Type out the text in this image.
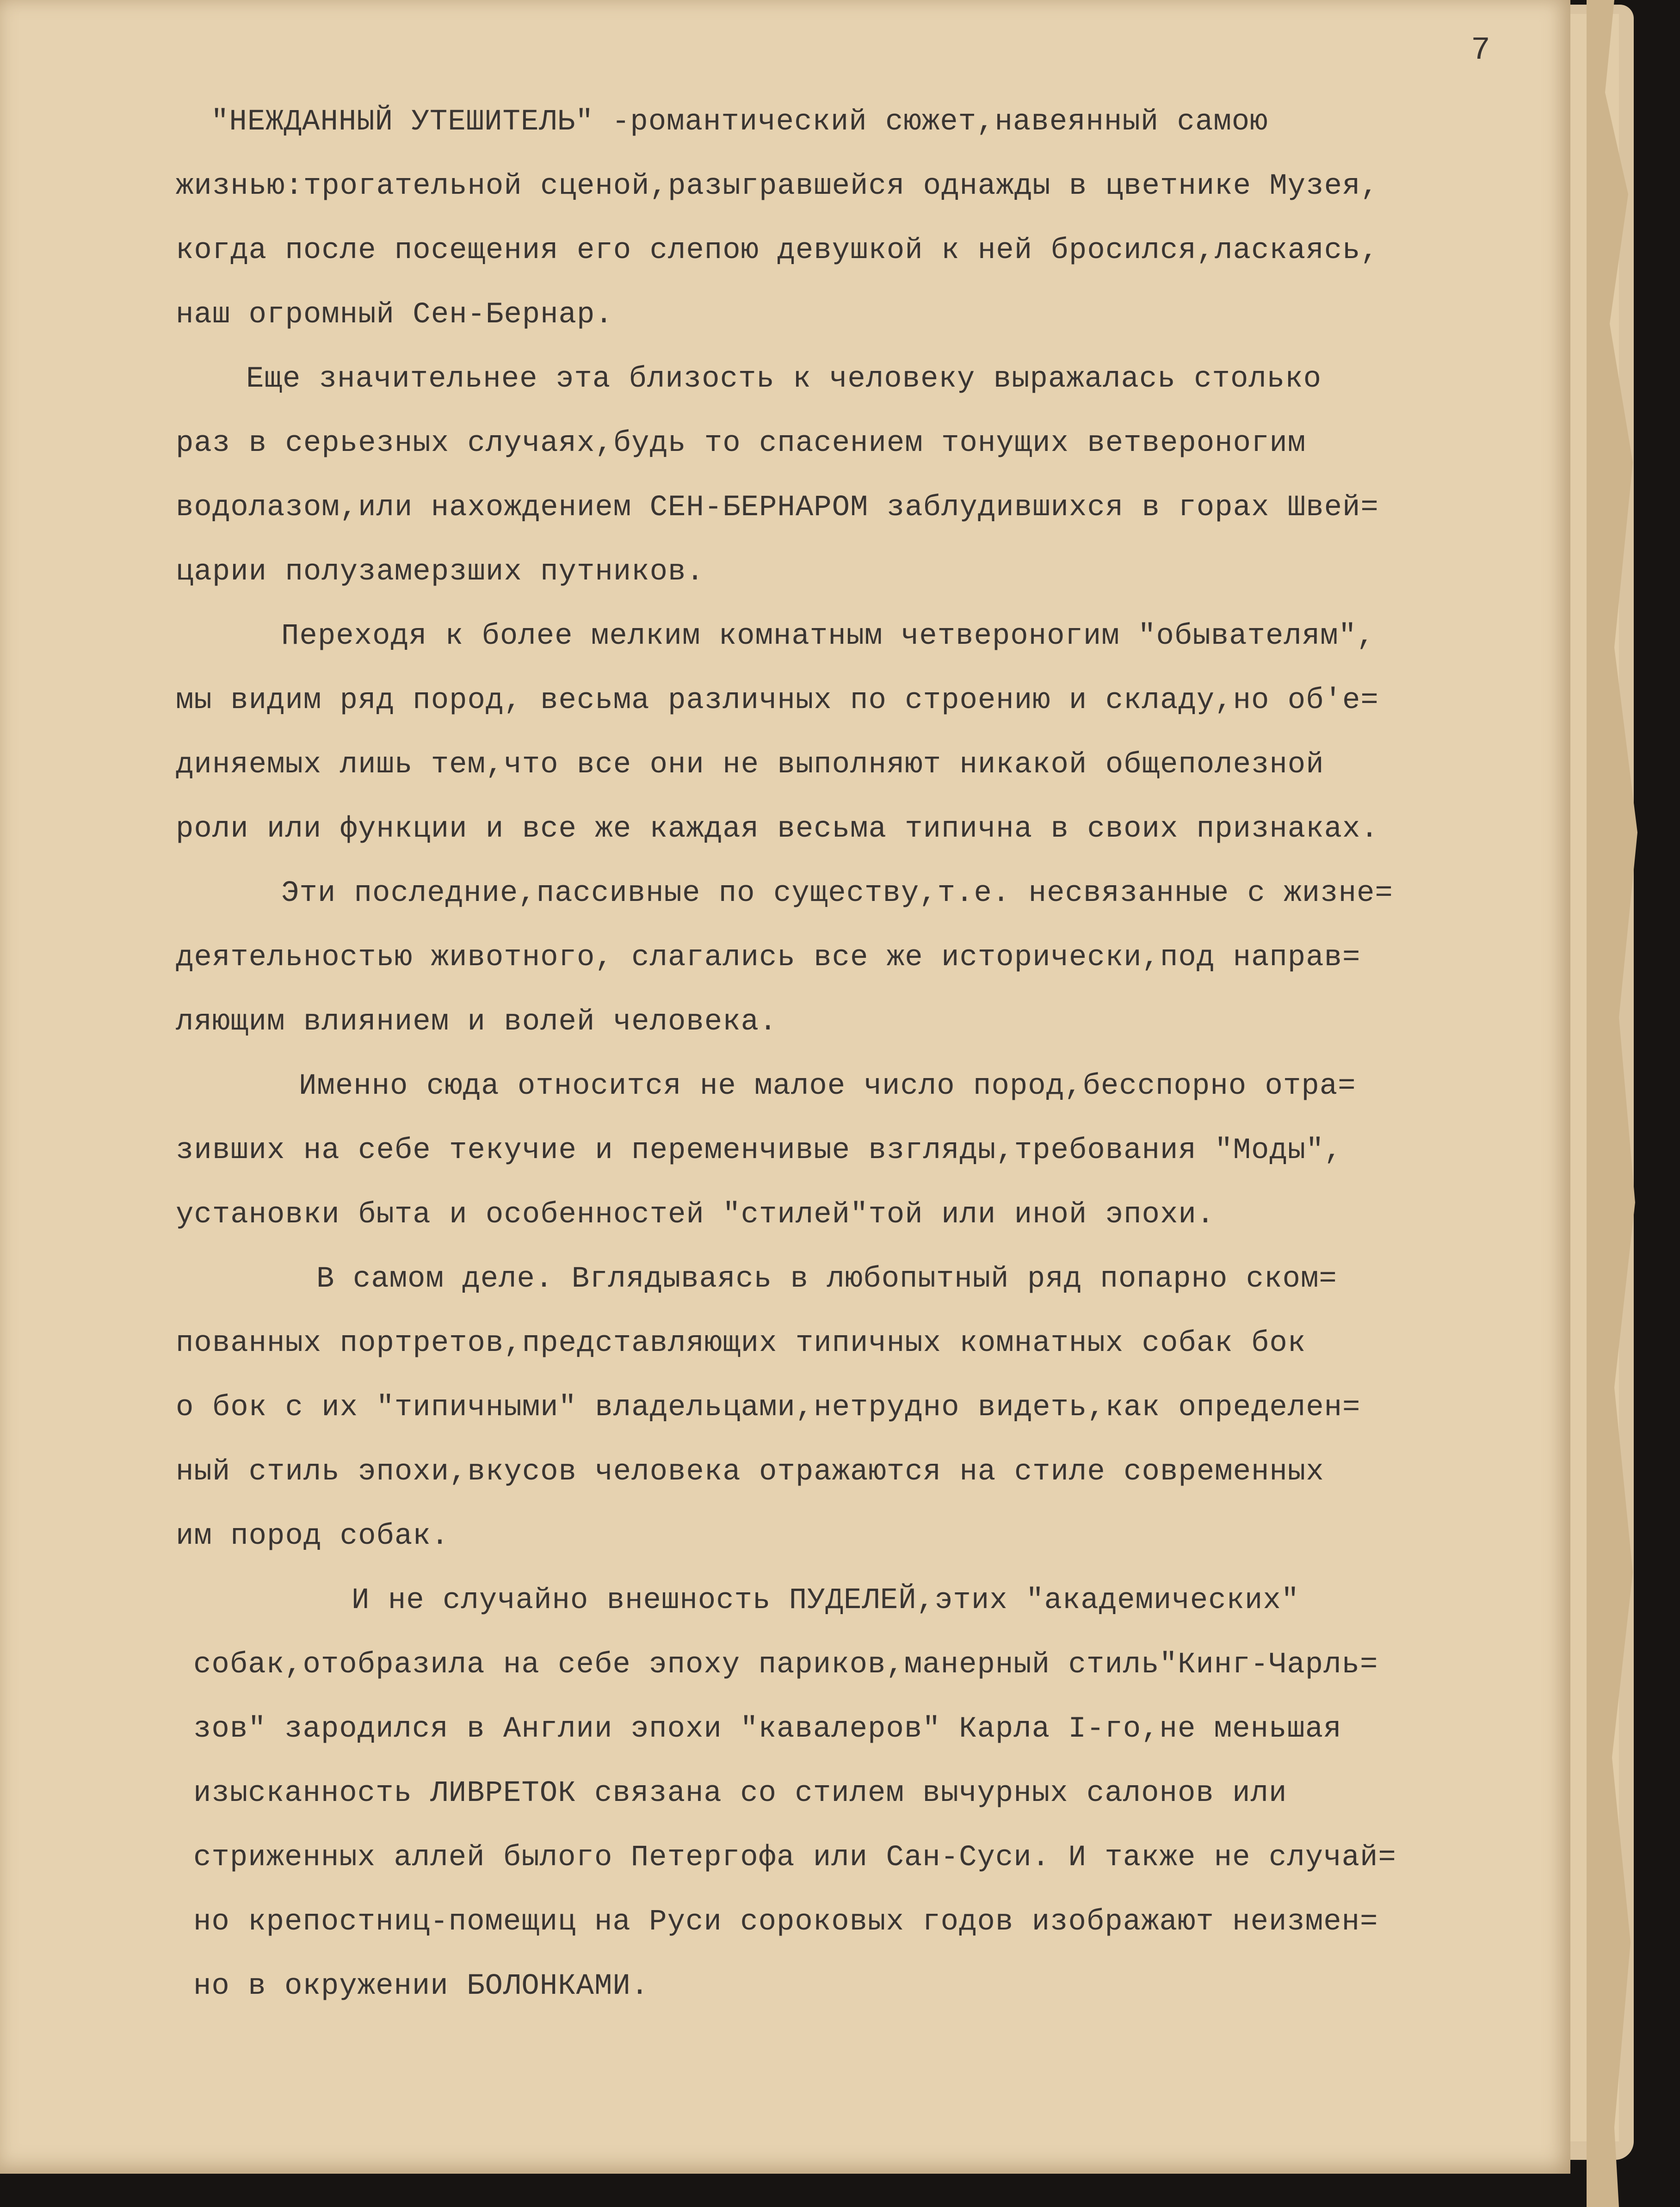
7
"НЕЖДАННЫЙ УТЕШИТЕЛЬ" -романтический сюжет,навеянный самою
жизнью:трогательной сценой,разыгравшейся однажды в цветнике Музея,
когда после посещения его слепою девушкой к ней бросился,ласкаясь,
наш огромный Сен-Бернар.
Еще значительнее эта близость к человеку выражалась столько
раз в серьезных случаях,будь то спасением тонущих ветвероногим
водолазом,или нахождением СЕН-БЕРНАРОМ заблудившихся в горах Швей=
царии полузамерзших путников.
Переходя к более мелким комнатным четвероногим "обывателям",
мы видим ряд пород, весьма различных по строению и складу,но об'е=
диняемых лишь тем,что все они не выполняют никакой общеполезной
роли или функции и все же каждая весьма типична в своих признаках.
Эти последние,пассивные по существу,т.е. несвязанные с жизне=
деятельностью животного, слагались все же исторически,под направ=
ляющим влиянием и волей человека.
Именно сюда относится не малое число пород,бесспорно отра=
зивших на себе текучие и переменчивые взгляды,требования "Моды",
установки быта и особенностей "стилей"той или иной эпохи.
В самом деле. Вглядываясь в любопытный ряд попарно ском=
пованных портретов,представляющих типичных комнатных собак бок
о бок с их "типичными" владельцами,нетрудно видеть,как определен=
ный стиль эпохи,вкусов человека отражаются на стиле современных
им пород собак.
И не случайно внешность ПУДЕЛЕЙ,этих "академических"
собак,отобразила на себе эпоху париков,манерный стиль"Кинг-Чарль=
зов" зародился в Англии эпохи "кавалеров" Карла I-го,не меньшая
изысканность ЛИВРЕТОК связана со стилем вычурных салонов или
стриженных аллей былого Петергофа или Сан-Суси. И также не случай=
но крепостниц-помещиц на Руси сороковых годов изображают неизмен=
но в окружении БОЛОНКАМИ.
